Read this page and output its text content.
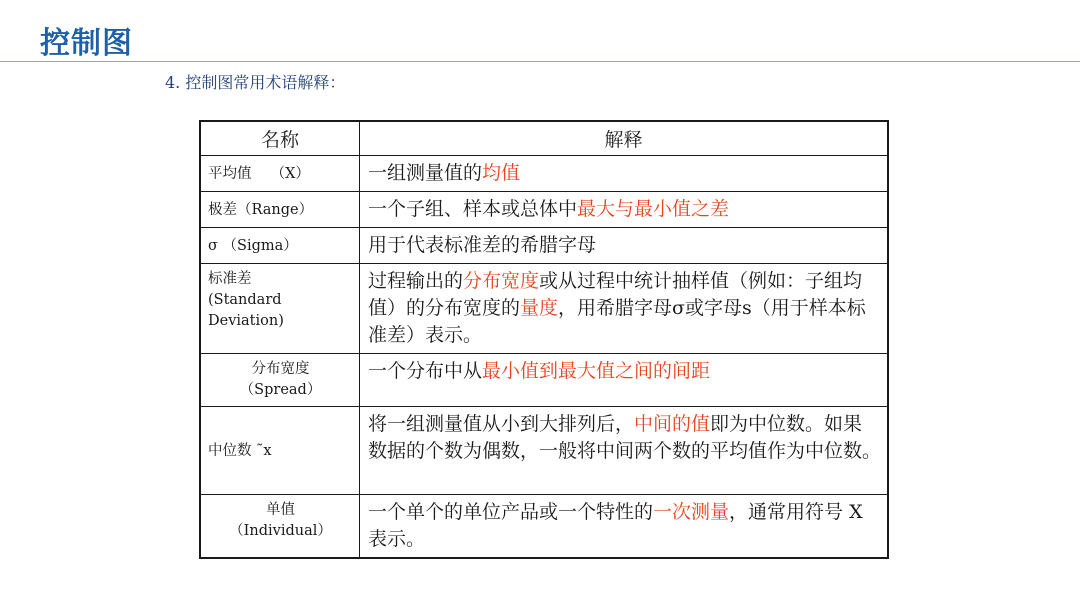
控制图
4. 控制图常用术语解释：
名称	解释
平均值　 （X）	一组测量值的均值
极差（Range）	一个子组、样本或总体中最大与最小值之差
σ （Sigma）	用于代表标准差的希腊字母

标准差
(Standard
Deviation)	过程输出的分布宽度或从过程中统计抽样值（例如：子组均值）的分布宽度的量度，用希腊字母σ或字母s（用于样本标准差）表示。

分布宽度
（Spread）	一个分布中从最小值到最大值之间的间距
中位数 ˜x	将一组测量值从小到大排列后，中间的值即为中位数。如果数据的个数为偶数，一般将中间两个数的平均值作为中位数。

单值
（Individual）	一个单个的单位产品或一个特性的一次测量，通常用符号 X 表示。
